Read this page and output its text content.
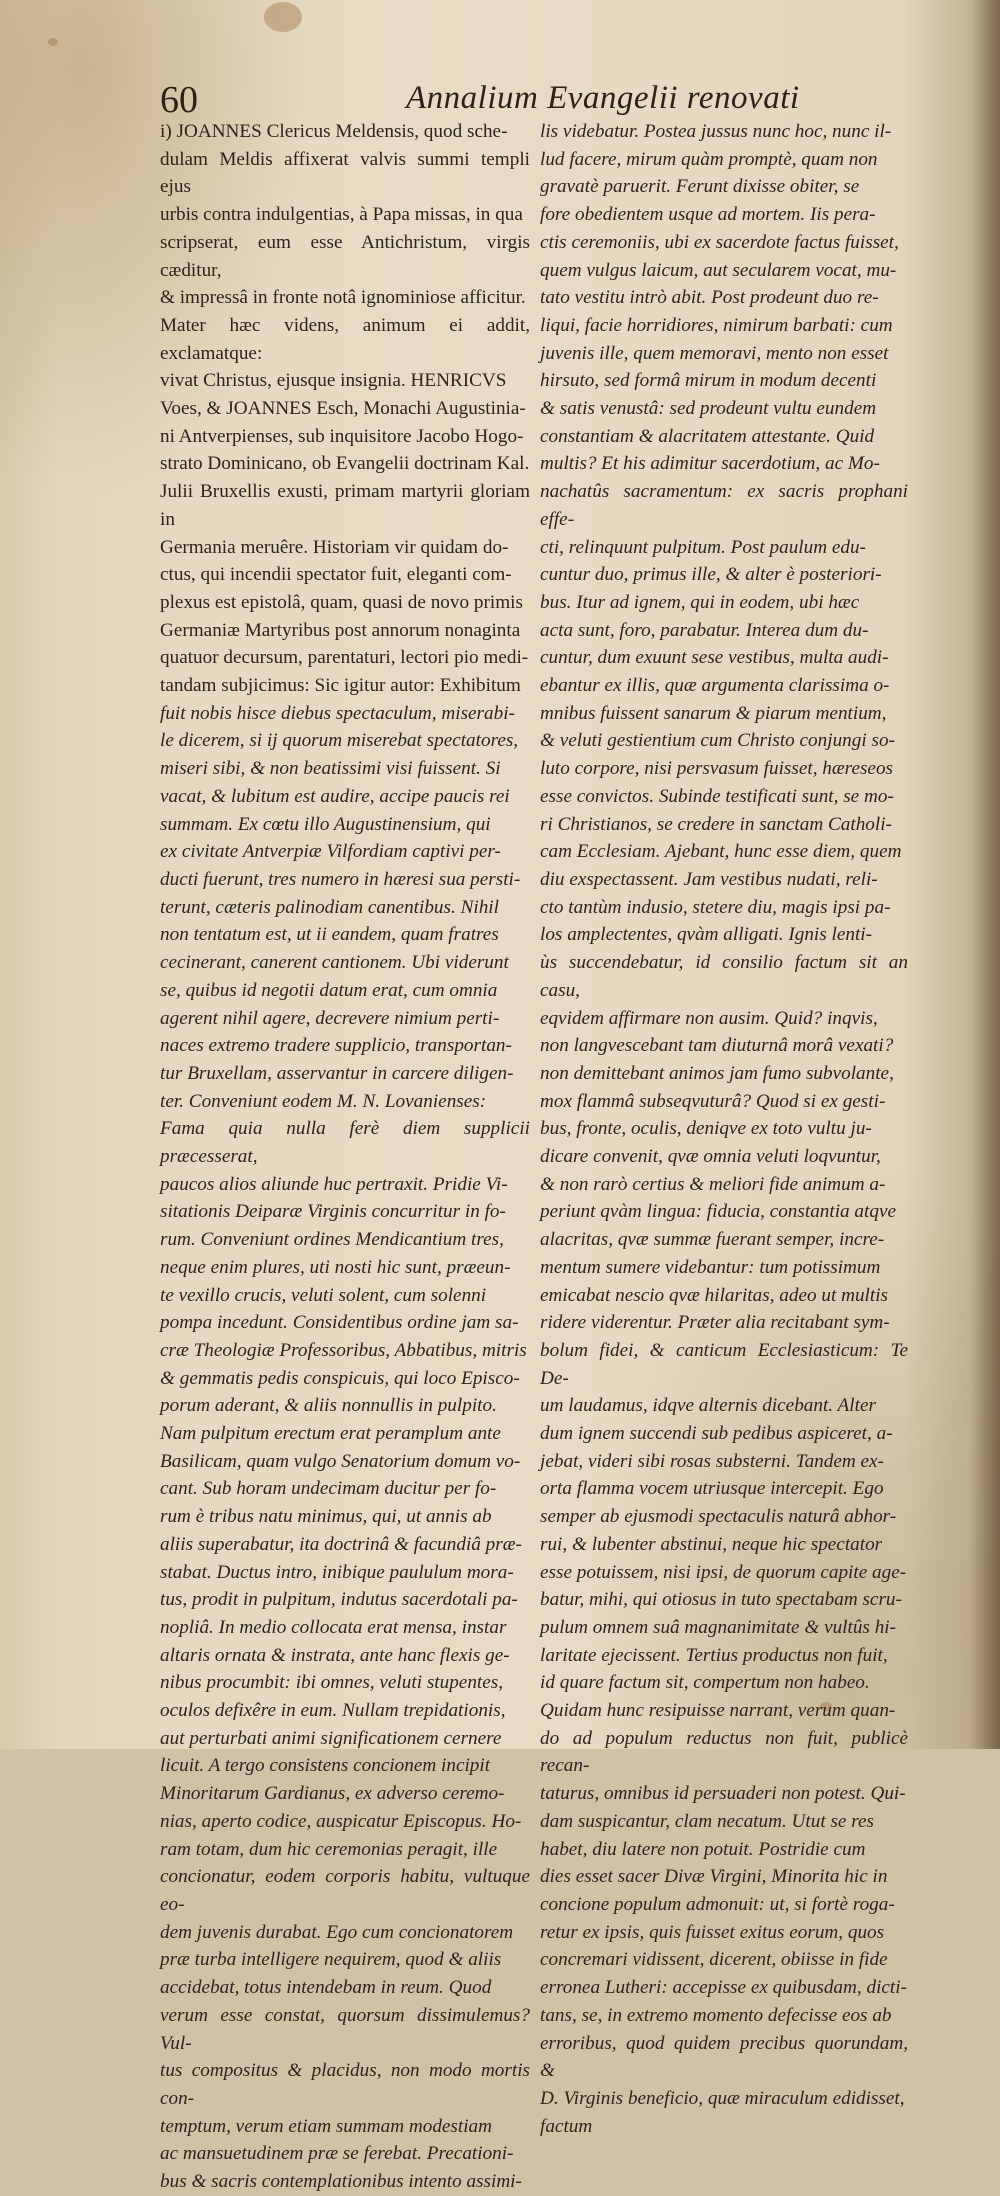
60	Annalium Evangelii renovati

i) JOANNES Clericus Meldensis, quod sche-

dulam Meldis affixerat valvis summi templi ejus

urbis contra indulgentias, à Papa missas, in qua

scripserat, eum esse Antichristum, virgis cæditur,

& impressâ in fronte notâ ignominiose afficitur.

Mater hæc videns, animum ei addit, exclamatque:

vivat Christus, ejusque insignia. HENRICVS

Voes, & JOANNES Esch, Monachi Augustinia-

ni Antverpienses, sub inquisitore Jacobo Hogo-

strato Dominicano, ob Evangelii doctrinam Kal.

Julii Bruxellis exusti, primam martyrii gloriam in

Germania meruêre. Historiam vir quidam do-

ctus, qui incendii spectator fuit, eleganti com-

plexus est epistolâ, quam, quasi de novo primis

Germaniæ Martyribus post annorum nonaginta

quatuor decursum, parentaturi, lectori pio medi-

tandam subjicimus: Sic igitur autor: Exhibitum

fuit nobis hisce diebus spectaculum, miserabi-

le dicerem, si ij quorum miserebat spectatores,

miseri sibi, & non beatissimi visi fuissent. Si

vacat, & lubitum est audire, accipe paucis rei

summam. Ex cœtu illo Augustinensium, qui

ex civitate Antverpiæ Vilfordiam captivi per-

ducti fuerunt, tres numero in hæresi sua persti-

terunt, cæteris palinodiam canentibus. Nihil

non tentatum est, ut ii eandem, quam fratres

cecinerant, canerent cantionem. Ubi viderunt

se, quibus id negotii datum erat, cum omnia

agerent nihil agere, decrevere nimium perti-

naces extremo tradere supplicio, transportan-

tur Bruxellam, asservantur in carcere diligen-

ter. Conveniunt eodem M. N. Lovanienses:

Fama quia nulla ferè diem supplicii præcesserat,

paucos alios aliunde huc pertraxit. Pridie Vi-

sitationis Deiparæ Virginis concurritur in fo-

rum. Conveniunt ordines Mendicantium tres,

neque enim plures, uti nosti hic sunt, præeun-

te vexillo crucis, veluti solent, cum solenni

pompa incedunt. Considentibus ordine jam sa-

cræ Theologiæ Professoribus, Abbatibus, mitris

& gemmatis pedis conspicuis, qui loco Episco-

porum aderant, & aliis nonnullis in pulpito.

Nam pulpitum erectum erat peramplum ante

Basilicam, quam vulgo Senatorium domum vo-

cant. Sub horam undecimam ducitur per fo-

rum è tribus natu minimus, qui, ut annis ab

aliis superabatur, ita doctrinâ & facundiâ præ-

stabat. Ductus intro, inibique paululum mora-

tus, prodit in pulpitum, indutus sacerdotali pa-

nopliâ. In medio collocata erat mensa, instar

altaris ornata & instrata, ante hanc flexis ge-

nibus procumbit: ibi omnes, veluti stupentes,

oculos defixêre in eum. Nullam trepidationis,

aut perturbati animi significationem cernere

licuit. A tergo consistens concionem incipit

Minoritarum Gardianus, ex adverso ceremo-

nias, aperto codice, auspicatur Episcopus. Ho-

ram totam, dum hic ceremonias peragit, ille

concionatur, eodem corporis habitu, vultuque eo-

dem juvenis durabat. Ego cum concionatorem

præ turba intelligere nequirem, quod & aliis

accidebat, totus intendebam in reum. Quod

verum esse constat, quorsum dissimulemus? Vul-

tus compositus & placidus, non modo mortis con-

temptum, verum etiam summam modestiam

ac mansuetudinem præ se ferebat. Precationi-

bus & sacris contemplationibus intento assimi-

lis videbatur. Postea jussus nunc hoc, nunc il-

lud facere, mirum quàm promptè, quam non

gravatè paruerit. Ferunt dixisse obiter, se

fore obedientem usque ad mortem. Iis pera-

ctis ceremoniis, ubi ex sacerdote factus fuisset,

quem vulgus laicum, aut secularem vocat, mu-

tato vestitu intrò abit. Post prodeunt duo re-

liqui, facie horridiores, nimirum barbati: cum

juvenis ille, quem memoravi, mento non esset

hirsuto, sed formâ mirum in modum decenti

& satis venustâ: sed prodeunt vultu eundem

constantiam & alacritatem attestante. Quid

multis? Et his adimitur sacerdotium, ac Mo-

nachatûs sacramentum: ex sacris prophani effe-

cti, relinquunt pulpitum. Post paulum edu-

cuntur duo, primus ille, & alter è posteriori-

bus. Itur ad ignem, qui in eodem, ubi hæc

acta sunt, foro, parabatur. Interea dum du-

cuntur, dum exuunt sese vestibus, multa audi-

ebantur ex illis, quæ argumenta clarissima o-

mnibus fuissent sanarum & piarum mentium,

& veluti gestientium cum Christo conjungi so-

luto corpore, nisi persvasum fuisset, hæreseos

esse convictos. Subinde testificati sunt, se mo-

ri Christianos, se credere in sanctam Catholi-

cam Ecclesiam. Ajebant, hunc esse diem, quem

diu exspectassent. Jam vestibus nudati, reli-

cto tantùm indusio, stetere diu, magis ipsi pa-

los amplectentes, qvàm alligati. Ignis lenti-

ùs succendebatur, id consilio factum sit an casu,

eqvidem affirmare non ausim. Quid? inqvis,

non langvescebant tam diuturnâ morâ vexati?

non demittebant animos jam fumo subvolante,

mox flammâ subseqvuturâ? Quod si ex gesti-

bus, fronte, oculis, deniqve ex toto vultu ju-

dicare convenit, qvæ omnia veluti loqvuntur,

& non rarò certius & meliori fide animum a-

periunt qvàm lingua: fiducia, constantia atqve

alacritas, qvæ summæ fuerant semper, incre-

mentum sumere videbantur: tum potissimum

emicabat nescio qvæ hilaritas, adeo ut multis

ridere viderentur. Præter alia recitabant sym-

bolum fidei, & canticum Ecclesiasticum: Te De-

um laudamus, idqve alternis dicebant. Alter

dum ignem succendi sub pedibus aspiceret, a-

jebat, videri sibi rosas substerni. Tandem ex-

orta flamma vocem utriusque intercepit. Ego

semper ab ejusmodi spectaculis naturâ abhor-

rui, & lubenter abstinui, neque hic spectator

esse potuissem, nisi ipsi, de quorum capite age-

batur, mihi, qui otiosus in tuto spectabam scru-

pulum omnem suâ magnanimitate & vultûs hi-

laritate ejecissent. Tertius productus non fuit,

id quare factum sit, compertum non habeo.

Quidam hunc resipuisse narrant, verum quan-

do ad populum reductus non fuit, publicè recan-

taturus, omnibus id persuaderi non potest. Qui-

dam suspicantur, clam necatum. Utut se res

habet, diu latere non potuit. Postridie cum

dies esset sacer Divæ Virgini, Minorita hic in

concione populum admonuit: ut, si fortè roga-

retur ex ipsis, quis fuisset exitus eorum, quos

concremari vidissent, dicerent, obiisse in fide

erronea Lutheri: accepisse ex quibusdam, dicti-

tans, se, in extremo momento defecisse eos ab

erroribus, quod quidem precibus quorundam, &

D. Virginis beneficio, quæ miraculum edidisset,

factum
